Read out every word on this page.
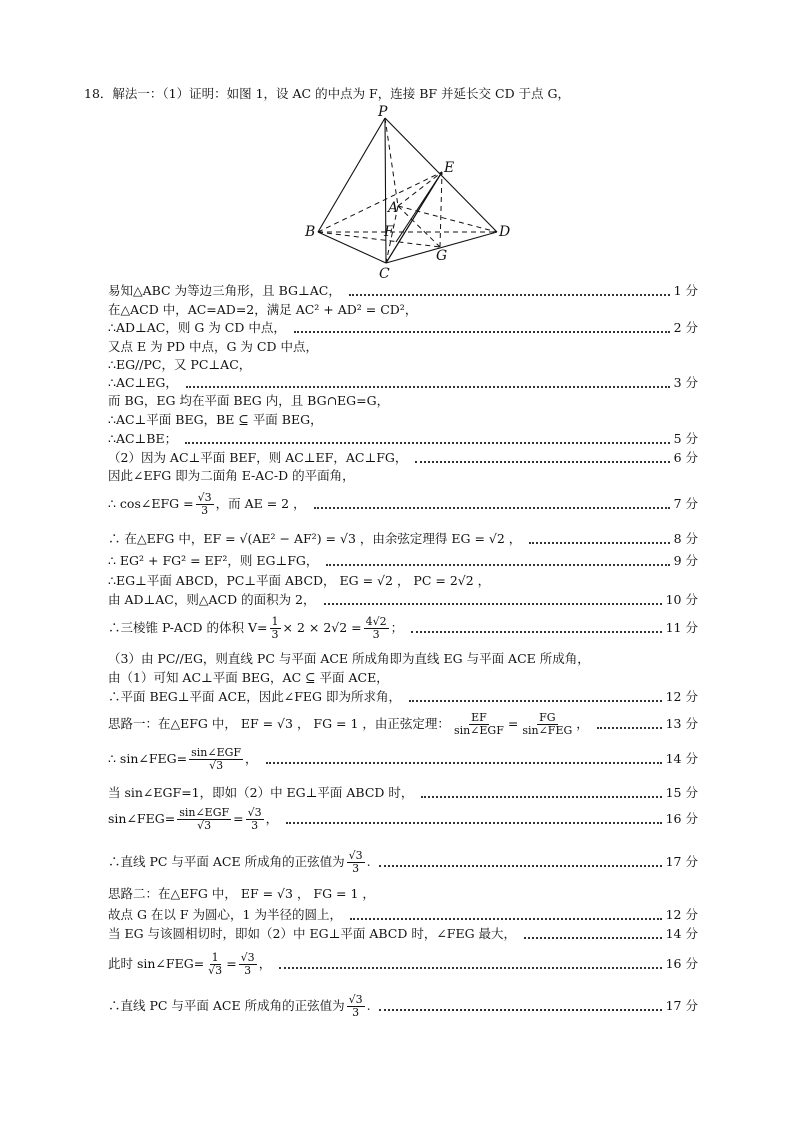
18．解法一：（1）证明：如图 1，设 AC 的中点为 F，连接 BF 并延长交 CD 于点 G，
P
E
A
B	F	D
G
C
易知△ABC 为等边三角形，且 BG⊥AC，	1 分
在△ACD 中，AC=AD=2，满足 AC² + AD² = CD²，
∴AD⊥AC，则 G 为 CD 中点，	2 分
又点 E 为 PD 中点，G 为 CD 中点，
∴EG//PC，又 PC⊥AC，
∴AC⊥EG，	3 分
而 BG，EG 均在平面 BEG 内，且 BG∩EG=G，
∴AC⊥平面 BEG，BE ⊆ 平面 BEG，
∴AC⊥BE；	5 分
（2）因为 AC⊥平面 BEF，则 AC⊥EF，AC⊥FG，	6 分
因此∠EFG 即为二面角 E-AC-D 的平面角，
∴ cos∠EFG = $\frac{√3}{3}$ ，而 AE = 2 ，	7 分
∴ 在△EFG 中，EF = √(AE² − AF²) = √3 ，由余弦定理得 EG = √2 ，	8 分
∴ EG² + FG² = EF²，则 EG⊥FG，	9 分
∴EG⊥平面 ABCD，PC⊥平面 ABCD， EG = √2 ， PC = 2√2 ，
由 AD⊥AC，则△ACD 的面积为 2，	10 分
∴三棱锥 P-ACD 的体积 $V= \frac{1}{3} \times 2 \times 2√2 = \frac{4√2}{3}$ ；	11 分
（3）由 PC//EG，则直线 PC 与平面 ACE 所成角即为直线 EG 与平面 ACE 所成角，
由（1）可知 AC⊥平面 BEG，AC ⊆ 平面 ACE，
∴平面 BEG⊥平面 ACE，因此∠FEG 即为所求角，	12 分
思路一：在△EFG 中， EF = √3 ， FG = 1 ，由正弦定理： $\frac{EF}{\text{sin∠EGF}} = \frac{FG}{\text{sin∠FEG}}$ ，	13 分
∴ sin∠FEG= $\frac{\text{sin∠EGF}}{√3}$ ，	14 分
当 sin∠EGF=1，即如（2）中 EG⊥平面 ABCD 时，	15 分
sin∠FEG= $\frac{\text{sin∠EGF}}{√3} = \frac{√3}{3}$ ，	16 分
∴直线 PC 与平面 ACE 所成角的正弦值为 $\frac{√3}{3}$ .	17 分
思路二：在△EFG 中， EF = √3 ， FG = 1 ，
故点 G 在以 F 为圆心，1 为半径的圆上，	12 分
当 EG 与该圆相切时，即如（2）中 EG⊥平面 ABCD 时，∠FEG 最大，	14 分
此时 sin∠FEG= $\frac{1}{√3} = \frac{√3}{3}$ ，	16 分
∴直线 PC 与平面 ACE 所成角的正弦值为 $\frac{√3}{3}$ .	17 分
